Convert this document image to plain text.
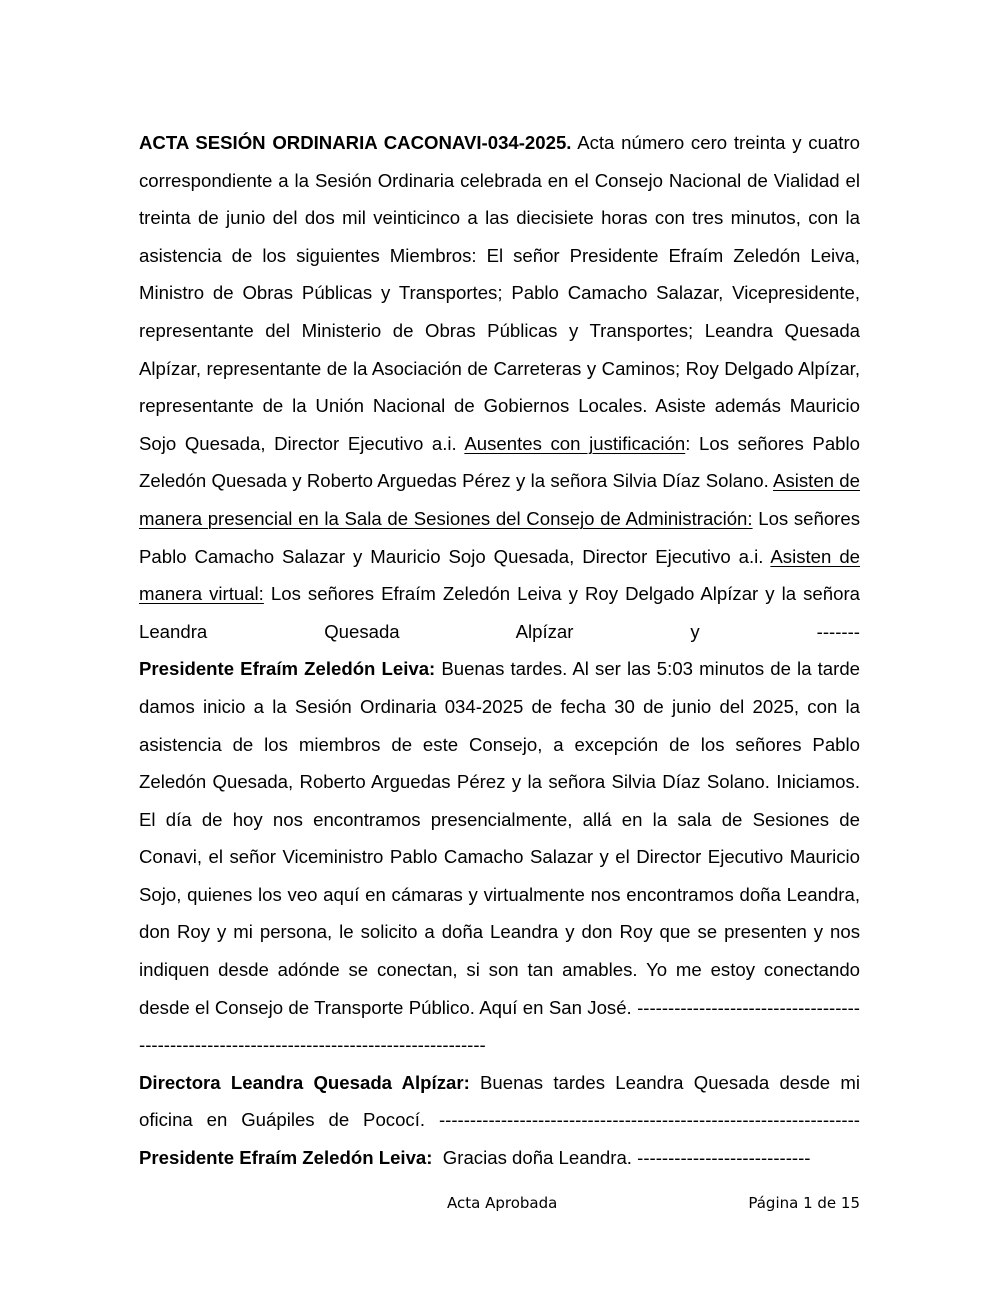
ACTA SESIÓN ORDINARIA CACONAVI-034-2025. Acta número cero treinta y cuatro correspondiente a la Sesión Ordinaria celebrada en el Consejo Nacional de Vialidad el treinta de junio del dos mil veinticinco a las diecisiete horas con tres minutos, con la asistencia de los siguientes Miembros: El señor Presidente Efraím Zeledón Leiva, Ministro de Obras Públicas y Transportes; Pablo Camacho Salazar, Vicepresidente, representante del Ministerio de Obras Públicas y Transportes; Leandra Quesada Alpízar, representante de la Asociación de Carreteras y Caminos; Roy Delgado Alpízar, representante de la Unión Nacional de Gobiernos Locales. Asiste además Mauricio Sojo Quesada, Director Ejecutivo a.i. Ausentes con justificación: Los señores Pablo Zeledón Quesada y Roberto Arguedas Pérez y la señora Silvia Díaz Solano. Asisten de manera presencial en la Sala de Sesiones del Consejo de Administración: Los señores Pablo Camacho Salazar y Mauricio Sojo Quesada, Director Ejecutivo a.i. Asisten de manera virtual: Los señores Efraím Zeledón Leiva y Roy Delgado Alpízar y la señora Leandra Quesada Alpízar y -------

Presidente Efraím Zeledón Leiva: Buenas tardes. Al ser las 5:03 minutos de la tarde damos inicio a la Sesión Ordinaria 034-2025 de fecha 30 de junio del 2025, con la asistencia de los miembros de este Consejo, a excepción de los señores Pablo Zeledón Quesada, Roberto Arguedas Pérez y la señora Silvia Díaz Solano. Iniciamos. El día de hoy nos encontramos presencialmente, allá en la sala de Sesiones de Conavi, el señor Viceministro Pablo Camacho Salazar y el Director Ejecutivo Mauricio Sojo, quienes los veo aquí en cámaras y virtualmente nos encontramos doña Leandra, don Roy y mi persona, le solicito a doña Leandra y don Roy que se presenten y nos indiquen desde adónde se conectan, si son tan amables. Yo me estoy conectando desde el Consejo de Transporte Público. Aquí en San José. --------------------------------------------------------------------------------------------

Directora Leandra Quesada Alpízar: Buenas tardes Leandra Quesada desde mi oficina en Guápiles de Pococí. --------------------------------------------------------------------

Presidente Efraím Zeledón Leiva:  Gracias doña Leandra. ----------------------------

Acta Aprobada	Página 1 de 15
